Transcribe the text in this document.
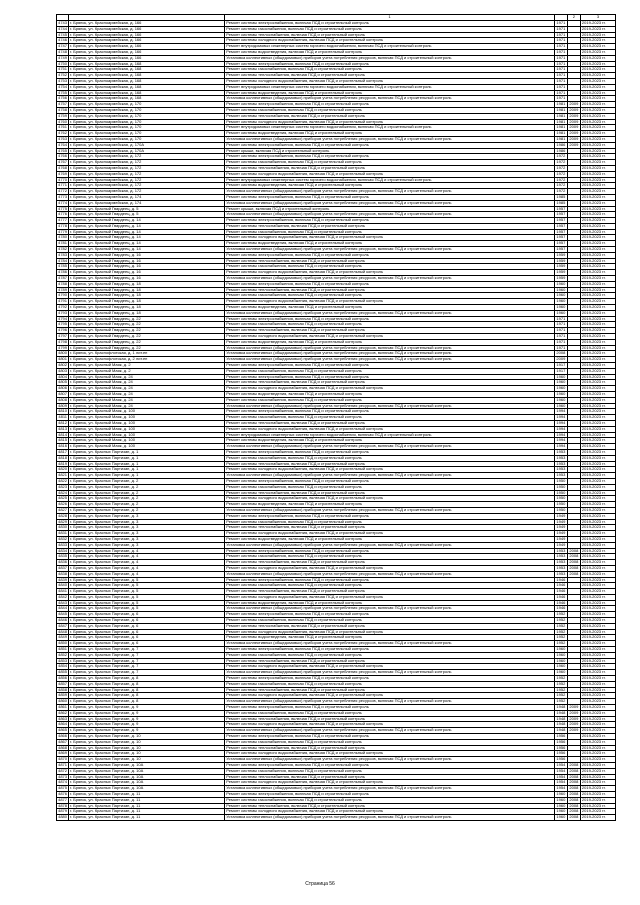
		1		2	3
4743	г. Брянск, ул. Красноармейская, д. 166	Ремонт системы электроснабжения, включая ПСД и строительный контроль	1971		2019-2023 гг.
4744	г. Брянск, ул. Красноармейская, д. 166	Ремонт системы газоснабжения, включая ПСД и строительный контроль	1971		2019-2023 гг.
4745	г. Брянск, ул. Красноармейская, д. 166	Ремонт системы теплоснабжения, включая ПСД и строительный контроль	1971		2019-2023 гг.
4746	г. Брянск, ул. Красноармейская, д. 166	Ремонт системы холодного водоснабжения, включая ПСД и строительный контроль	1971		2019-2023 гг.
4747	г. Брянск, ул. Красноармейская, д. 166	Ремонт внутридомовых инженерных систем горячего водоснабжения, включая ПСД и строительный контроль	1971		2019-2023 гг.
4748	г. Брянск, ул. Красноармейская, д. 166	Ремонт системы водоотведения, включая ПСД и строительный контроль	1971		2019-2023 гг.
4749	г. Брянск, ул. Красноармейская, д. 166	Установка коллективных (общедомовых) приборов учета потребления ресурсов, включая ПСД и строительный контроль	1971		2019-2023 гг.
4750	г. Брянск, ул. Красноармейская, д. 168	Ремонт системы электроснабжения, включая ПСД и строительный контроль	1971		2019-2023 гг.
4751	г. Брянск, ул. Красноармейская, д. 168	Ремонт системы газоснабжения, включая ПСД и строительный контроль	1971		2019-2023 гг.
4752	г. Брянск, ул. Красноармейская, д. 168	Ремонт системы теплоснабжения, включая ПСД и строительный контроль	1971		2019-2023 гг.
4753	г. Брянск, ул. Красноармейская, д. 168	Ремонт системы холодного водоснабжения, включая ПСД и строительный контроль	1971		2019-2023 гг.
4754	г. Брянск, ул. Красноармейская, д. 168	Ремонт внутридомовых инженерных систем горячего водоснабжения, включая ПСД и строительный контроль	1971		2019-2023 гг.
4755	г. Брянск, ул. Красноармейская, д. 168	Ремонт системы водоотведения, включая ПСД и строительный контроль	1971		2019-2023 гг.
4756	г. Брянск, ул. Красноармейская, д. 168	Установка коллективных (общедомовых) приборов учета потребления ресурсов, включая ПСД и строительный контроль	1971		2019-2023 гг.
4757	г. Брянск, ул. Красноармейская, д. 170	Ремонт системы электроснабжения, включая ПСД и строительный контроль	1981	2009	2019-2023 гг.
4758	г. Брянск, ул. Красноармейская, д. 170	Ремонт системы газоснабжения, включая ПСД и строительный контроль	1981	2009	2019-2023 гг.
4759	г. Брянск, ул. Красноармейская, д. 170	Ремонт системы теплоснабжения, включая ПСД и строительный контроль	1981	2009	2019-2023 гг.
4760	г. Брянск, ул. Красноармейская, д. 170	Ремонт системы холодного водоснабжения, включая ПСД и строительный контроль	1981	2009	2019-2023 гг.
4761	г. Брянск, ул. Красноармейская, д. 170	Ремонт внутридомовых инженерных систем горячего водоснабжения, включая ПСД и строительный контроль	1981	2009	2019-2023 гг.
4762	г. Брянск, ул. Красноармейская, д. 170	Ремонт системы водоотведения, включая ПСД и строительный контроль	1981	2009	2019-2023 гг.
4763	г. Брянск, ул. Красноармейская, д. 170	Установка коллективных (общедомовых) приборов учета потребления ресурсов, включая ПСД и строительный контроль	1981	2009	2019-2023 гг.
4764	г. Брянск, ул. Красноармейская, д. 170А	Ремонт системы электроснабжения, включая ПСД и строительный контроль	1986	2009	2019-2023 гг.
4765	г. Брянск, ул. Красноармейская, д. 170А	Ремонт крыши, включая ПСД и строительный контроль	1986		2019-2023 гг.
4766	г. Брянск, ул. Красноармейская, д. 172	Ремонт системы электроснабжения, включая ПСД и строительный контроль	1972		2019-2023 гг.
4767	г. Брянск, ул. Красноармейская, д. 172	Ремонт системы газоснабжения, включая ПСД и строительный контроль	1972		2019-2023 гг.
4768	г. Брянск, ул. Красноармейская, д. 172	Ремонт системы теплоснабжения, включая ПСД и строительный контроль	1972		2019-2023 гг.
4769	г. Брянск, ул. Красноармейская, д. 172	Ремонт системы холодного водоснабжения, включая ПСД и строительный контроль	1972		2019-2023 гг.
4770	г. Брянск, ул. Красноармейская, д. 172	Ремонт внутридомовых инженерных систем горячего водоснабжения, включая ПСД и строительный контроль	1972		2019-2023 гг.
4771	г. Брянск, ул. Красноармейская, д. 172	Ремонт системы водоотведения, включая ПСД и строительный контроль	1972		2019-2023 гг.
4772	г. Брянск, ул. Красноармейская, д. 172	Установка коллективных (общедомовых) приборов учета потребления ресурсов, включая ПСД и строительный контроль	1972		2019-2023 гг.
4773	г. Брянск, ул. Красноармейская, д. 174	Ремонт системы электроснабжения, включая ПСД и строительный контроль	1985		2019-2023 гг.
4774	г. Брянск, ул. Красноармейская, д. 174	Установка коллективных (общедомовых) приборов учета потребления ресурсов, включая ПСД и строительный контроль	1985		2019-2023 гг.
4775	г. Брянск, ул. Красный Гвардеец, д. 5	Ремонт крыши, включая ПСД и строительный контроль	1957		2019-2023 гг.
4776	г. Брянск, ул. Красный Гвардеец, д. 5	Установка коллективных (общедомовых) приборов учета потребления ресурсов, включая ПСД и строительный контроль	1957		2019-2023 гг.
4777	г. Брянск, ул. Красный Гвардеец, д. 14	Ремонт системы электроснабжения, включая ПСД и строительный контроль	1957		2019-2023 гг.
4778	г. Брянск, ул. Красный Гвардеец, д. 14	Ремонт системы теплоснабжения, включая ПСД и строительный контроль	1957		2019-2023 гг.
4779	г. Брянск, ул. Красный Гвардеец, д. 14	Ремонт системы газоснабжения, включая ПСД и строительный контроль	1957		2019-2023 гг.
4780	г. Брянск, ул. Красный Гвардеец, д. 14	Ремонт системы холодного водоснабжения, включая ПСД и строительный контроль	1957		2019-2023 гг.
4781	г. Брянск, ул. Красный Гвардеец, д. 14	Ремонт системы водоотведения, включая ПСД и строительный контроль	1957		2019-2023 гг.
4782	г. Брянск, ул. Красный Гвардеец, д. 14	Установка коллективных (общедомовых) приборов учета потребления ресурсов, включая ПСД и строительный контроль	1957		2019-2023 гг.
4783	г. Брянск, ул. Красный Гвардеец, д. 16	Ремонт системы электроснабжения, включая ПСД и строительный контроль	1959		2019-2023 гг.
4784	г. Брянск, ул. Красный Гвардеец, д. 16	Ремонт системы теплоснабжения, включая ПСД и строительный контроль	1959		2019-2023 гг.
4785	г. Брянск, ул. Красный Гвардеец, д. 16	Ремонт системы газоснабжения, включая ПСД и строительный контроль	1959		2019-2023 гг.
4786	г. Брянск, ул. Красный Гвардеец, д. 16	Ремонт системы холодного водоснабжения, включая ПСД и строительный контроль	1959		2019-2023 гг.
4787	г. Брянск, ул. Красный Гвардеец, д. 16	Установка коллективных (общедомовых) приборов учета потребления ресурсов, включая ПСД и строительный контроль	1959		2019-2023 гг.
4788	г. Брянск, ул. Красный Гвардеец, д. 18	Ремонт системы электроснабжения, включая ПСД и строительный контроль	1960		2019-2023 гг.
4789	г. Брянск, ул. Красный Гвардеец, д. 18	Ремонт системы теплоснабжения, включая ПСД и строительный контроль	1960		2019-2023 гг.
4790	г. Брянск, ул. Красный Гвардеец, д. 18	Ремонт системы газоснабжения, включая ПСД и строительный контроль	1960		2019-2023 гг.
4791	г. Брянск, ул. Красный Гвардеец, д. 18	Ремонт системы холодного водоснабжения, включая ПСД и строительный контроль	1960		2019-2023 гг.
4792	г. Брянск, ул. Красный Гвардеец, д. 18	Ремонт системы водоотведения, включая ПСД и строительный контроль	1960		2019-2023 гг.
4793	г. Брянск, ул. Красный Гвардеец, д. 18	Установка коллективных (общедомовых) приборов учета потребления ресурсов, включая ПСД и строительный контроль	1960		2019-2023 гг.
4794	г. Брянск, ул. Красный Гвардеец, д. 22	Ремонт системы электроснабжения, включая ПСД и строительный контроль	1971		2019-2023 гг.
4795	г. Брянск, ул. Красный Гвардеец, д. 22	Ремонт системы газоснабжения, включая ПСД и строительный контроль	1971		2019-2023 гг.
4796	г. Брянск, ул. Красный Гвардеец, д. 22	Ремонт системы теплоснабжения, включая ПСД и строительный контроль	1971		2019-2023 гг.
4797	г. Брянск, ул. Красный Гвардеец, д. 22	Ремонт системы холодного водоснабжения, включая ПСД и строительный контроль	1971		2019-2023 гг.
4798	г. Брянск, ул. Красный Гвардеец, д. 22	Ремонт системы водоотведения, включая ПСД и строительный контроль	1971		2019-2023 гг.
4799	г. Брянск, ул. Красный Гвардеец, д. 22	Установка коллективных (общедомовых) приборов учета потребления ресурсов, включая ПСД и строительный контроль	1971		2019-2023 гг.
4800	г. Брянск, ул. Краснофлотская, д. 1 лит.ен	Установка коллективных (общедомовых) приборов учета потребления ресурсов, включая ПСД и строительный контроль	2008		2019-2023 гг.
4801	г. Брянск, ул. Краснофлотская, д. 2 лит.ен	Установка коллективных (общедомовых) приборов учета потребления ресурсов, включая ПСД и строительный контроль	2009		2019-2023 гг.
4802	г. Брянск, ул. Красный Маяк, д. 2	Ремонт системы электроснабжения, включая ПСД и строительный контроль	1917		2019-2023 гг.
4803	г. Брянск, ул. Красный Маяк, д. 2	Ремонт системы газоснабжения, включая ПСД и строительный контроль	1917		2019-2023 гг.
4804	г. Брянск, ул. Красный Маяк, д. 24	Ремонт системы электроснабжения, включая ПСД и строительный контроль	1960		2019-2023 гг.
4805	г. Брянск, ул. Красный Маяк, д. 24	Ремонт системы теплоснабжения, включая ПСД и строительный контроль	1960		2019-2023 гг.
4806	г. Брянск, ул. Красный Маяк, д. 24	Ремонт системы холодного водоснабжения, включая ПСД и строительный контроль	1960		2019-2023 гг.
4807	г. Брянск, ул. Красный Маяк, д. 24	Ремонт системы водоотведения, включая ПСД и строительный контроль	1960		2019-2023 гг.
4808	г. Брянск, ул. Красный Маяк, д. 24	Ремонт системы газоснабжения, включая ПСД и строительный контроль	1960		2019-2023 гг.
4809	г. Брянск, ул. Красный Маяк, д. 24	Установка коллективных (общедомовых) приборов учета потребления ресурсов, включая ПСД и строительный контроль	1960		2019-2023 гг.
4810	г. Брянск, ул. Красный Маяк, д. 100	Ремонт системы электроснабжения, включая ПСД и строительный контроль	1994		2019-2023 гг.
4811	г. Брянск, ул. Красный Маяк, д. 100	Ремонт системы газоснабжения, включая ПСД и строительный контроль	1994		2019-2023 гг.
4812	г. Брянск, ул. Красный Маяк, д. 100	Ремонт системы теплоснабжения, включая ПСД и строительный контроль	1994		2019-2023 гг.
4813	г. Брянск, ул. Красный Маяк, д. 100	Ремонт системы холодного водоснабжения, включая ПСД и строительный контроль	1994		2019-2023 гг.
4814	г. Брянск, ул. Красный Маяк, д. 100	Ремонт внутридомовых инженерных систем горячего водоснабжения, включая ПСД и строительный контроль	1994		2019-2023 гг.
4815	г. Брянск, ул. Красный Маяк, д. 100	Ремонт системы водоотведения, включая ПСД и строительный контроль	1994		2019-2023 гг.
4816	г. Брянск, ул. Красный Маяк, д. 100	Установка коллективных (общедомовых) приборов учета потребления ресурсов, включая ПСД и строительный контроль	1994		2019-2023 гг.
4817	г. Брянск, ул. Красных Партизан, д. 1	Ремонт системы электроснабжения, включая ПСД и строительный контроль	1953		2019-2023 гг.
4818	г. Брянск, ул. Красных Партизан, д. 1	Ремонт системы газоснабжения, включая ПСД и строительный контроль	1953		2019-2023 гг.
4819	г. Брянск, ул. Красных Партизан, д. 1	Ремонт системы теплоснабжения, включая ПСД и строительный контроль	1953		2019-2023 гг.
4820	г. Брянск, ул. Красных Партизан, д. 1	Ремонт системы холодного водоснабжения, включая ПСД и строительный контроль	1953		2019-2023 гг.
4821	г. Брянск, ул. Красных Партизан, д. 1	Установка коллективных (общедомовых) приборов учета потребления ресурсов, включая ПСД и строительный контроль	1953		2019-2023 гг.
4822	г. Брянск, ул. Красных Партизан, д. 2	Ремонт системы электроснабжения, включая ПСД и строительный контроль	1950		2019-2023 гг.
4823	г. Брянск, ул. Красных Партизан, д. 2	Ремонт системы газоснабжения, включая ПСД и строительный контроль	1950		2019-2023 гг.
4824	г. Брянск, ул. Красных Партизан, д. 2	Ремонт системы теплоснабжения, включая ПСД и строительный контроль	1950		2019-2023 гг.
4825	г. Брянск, ул. Красных Партизан, д. 2	Ремонт системы холодного водоснабжения, включая ПСД и строительный контроль	1950		2019-2023 гг.
4826	г. Брянск, ул. Красных Партизан, д. 2	Ремонт системы водоотведения, включая ПСД и строительный контроль	1950		2019-2023 гг.
4827	г. Брянск, ул. Красных Партизан, д. 2	Установка коллективных (общедомовых) приборов учета потребления ресурсов, включая ПСД и строительный контроль	1950		2019-2023 гг.
4828	г. Брянск, ул. Красных Партизан, д. 3	Ремонт системы электроснабжения, включая ПСД и строительный контроль	1949		2019-2023 гг.
4829	г. Брянск, ул. Красных Партизан, д. 3	Ремонт системы газоснабжения, включая ПСД и строительный контроль	1949		2019-2023 гг.
4830	г. Брянск, ул. Красных Партизан, д. 3	Ремонт системы теплоснабжения, включая ПСД и строительный контроль	1949		2019-2023 гг.
4831	г. Брянск, ул. Красных Партизан, д. 3	Ремонт системы холодного водоснабжения, включая ПСД и строительный контроль	1949		2019-2023 гг.
4832	г. Брянск, ул. Красных Партизан, д. 3	Ремонт системы водоотведения, включая ПСД и строительный контроль	1949		2019-2023 гг.
4833	г. Брянск, ул. Красных Партизан, д. 3	Установка коллективных (общедомовых) приборов учета потребления ресурсов, включая ПСД и строительный контроль	1949		2019-2023 гг.
4834	г. Брянск, ул. Красных Партизан, д. 4	Ремонт системы электроснабжения, включая ПСД и строительный контроль	1953	2008	2019-2023 гг.
4835	г. Брянск, ул. Красных Партизан, д. 4	Ремонт системы газоснабжения, включая ПСД и строительный контроль	1953	2008	2019-2023 гг.
4836	г. Брянск, ул. Красных Партизан, д. 4	Ремонт системы теплоснабжения, включая ПСД и строительный контроль	1953	2008	2019-2023 гг.
4837	г. Брянск, ул. Красных Партизан, д. 4	Ремонт системы холодного водоснабжения, включая ПСД и строительный контроль	1953	2008	2019-2023 гг.
4838	г. Брянск, ул. Красных Партизан, д. 4	Установка коллективных (общедомовых) приборов учета потребления ресурсов, включая ПСД и строительный контроль	1953	2008	2019-2023 гг.
4839	г. Брянск, ул. Красных Партизан, д. 5	Ремонт системы электроснабжения, включая ПСД и строительный контроль	1946		2019-2023 гг.
4840	г. Брянск, ул. Красных Партизан, д. 5	Ремонт системы газоснабжения, включая ПСД и строительный контроль	1946		2019-2023 гг.
4841	г. Брянск, ул. Красных Партизан, д. 5	Ремонт системы теплоснабжения, включая ПСД и строительный контроль	1946		2019-2023 гг.
4842	г. Брянск, ул. Красных Партизан, д. 5	Ремонт системы холодного водоснабжения, включая ПСД и строительный контроль	1946		2019-2023 гг.
4843	г. Брянск, ул. Красных Партизан, д. 5	Ремонт системы водоотведения, включая ПСД и строительный контроль	1946		2019-2023 гг.
4844	г. Брянск, ул. Красных Партизан, д. 5	Установка коллективных (общедомовых) приборов учета потребления ресурсов, включая ПСД и строительный контроль	1946		2019-2023 гг.
4845	г. Брянск, ул. Красных Партизан, д. 6	Ремонт системы электроснабжения, включая ПСД и строительный контроль	1952		2019-2023 гг.
4846	г. Брянск, ул. Красных Партизан, д. 6	Ремонт системы газоснабжения, включая ПСД и строительный контроль	1952		2019-2023 гг.
4847	г. Брянск, ул. Красных Партизан, д. 6	Ремонт системы теплоснабжения, включая ПСД и строительный контроль	1952		2019-2023 гг.
4848	г. Брянск, ул. Красных Партизан, д. 6	Ремонт системы холодного водоснабжения, включая ПСД и строительный контроль	1952		2019-2023 гг.
4849	г. Брянск, ул. Красных Партизан, д. 6	Ремонт системы водоотведения, включая ПСД и строительный контроль	1952		2019-2023 гг.
4850	г. Брянск, ул. Красных Партизан, д. 6	Установка коллективных (общедомовых) приборов учета потребления ресурсов, включая ПСД и строительный контроль	1952		2019-2023 гг.
4851	г. Брянск, ул. Красных Партизан, д. 7	Ремонт системы электроснабжения, включая ПСД и строительный контроль	1960		2019-2023 гг.
4852	г. Брянск, ул. Красных Партизан, д. 7	Ремонт системы газоснабжения, включая ПСД и строительный контроль	1960		2019-2023 гг.
4853	г. Брянск, ул. Красных Партизан, д. 7	Ремонт системы теплоснабжения, включая ПСД и строительный контроль	1960		2019-2023 гг.
4854	г. Брянск, ул. Красных Партизан, д. 7	Ремонт системы холодного водоснабжения, включая ПСД и строительный контроль	1960		2019-2023 гг.
4855	г. Брянск, ул. Красных Партизан, д. 7	Установка коллективных (общедомовых) приборов учета потребления ресурсов, включая ПСД и строительный контроль	1960		2019-2023 гг.
4856	г. Брянск, ул. Красных Партизан, д. 8	Ремонт системы электроснабжения, включая ПСД и строительный контроль	1952		2019-2023 гг.
4857	г. Брянск, ул. Красных Партизан, д. 8	Ремонт системы газоснабжения, включая ПСД и строительный контроль	1952		2019-2023 гг.
4858	г. Брянск, ул. Красных Партизан, д. 8	Ремонт системы теплоснабжения, включая ПСД и строительный контроль	1952		2019-2023 гг.
4859	г. Брянск, ул. Красных Партизан, д. 8	Ремонт системы холодного водоснабжения, включая ПСД и строительный контроль	1952		2019-2023 гг.
4860	г. Брянск, ул. Красных Партизан, д. 8	Установка коллективных (общедомовых) приборов учета потребления ресурсов, включая ПСД и строительный контроль	1952		2019-2023 гг.
4861	г. Брянск, ул. Красных Партизан, д. 9	Ремонт системы электроснабжения, включая ПСД и строительный контроль	1948	2009	2019-2023 гг.
4862	г. Брянск, ул. Красных Партизан, д. 9	Ремонт системы газоснабжения, включая ПСД и строительный контроль	1948	2009	2019-2023 гг.
4863	г. Брянск, ул. Красных Партизан, д. 9	Ремонт системы теплоснабжения, включая ПСД и строительный контроль	1948	2009	2019-2023 гг.
4864	г. Брянск, ул. Красных Партизан, д. 9	Ремонт системы холодного водоснабжения, включая ПСД и строительный контроль	1948	2009	2019-2023 гг.
4865	г. Брянск, ул. Красных Партизан, д. 9	Установка коллективных (общедомовых) приборов учета потребления ресурсов, включая ПСД и строительный контроль	1948	2009	2019-2023 гг.
4866	г. Брянск, ул. Красных Партизан, д. 10	Ремонт системы электроснабжения, включая ПСД и строительный контроль	1956		2019-2023 гг.
4867	г. Брянск, ул. Красных Партизан, д. 10	Ремонт системы газоснабжения, включая ПСД и строительный контроль	1956		2019-2023 гг.
4868	г. Брянск, ул. Красных Партизан, д. 10	Ремонт системы теплоснабжения, включая ПСД и строительный контроль	1956		2019-2023 гг.
4869	г. Брянск, ул. Красных Партизан, д. 10	Ремонт системы холодного водоснабжения, включая ПСД и строительный контроль	1956		2019-2023 гг.
4870	г. Брянск, ул. Красных Партизан, д. 10	Установка коллективных (общедомовых) приборов учета потребления ресурсов, включая ПСД и строительный контроль	1956		2019-2023 гг.
4871	г. Брянск, ул. Красных Партизан, д. 10А	Ремонт системы электроснабжения, включая ПСД и строительный контроль	1954	2008	2019-2023 гг.
4872	г. Брянск, ул. Красных Партизан, д. 10А	Ремонт системы газоснабжения, включая ПСД и строительный контроль	1954	2008	2019-2023 гг.
4873	г. Брянск, ул. Красных Партизан, д. 10А	Ремонт системы теплоснабжения, включая ПСД и строительный контроль	1954	2008	2019-2023 гг.
4874	г. Брянск, ул. Красных Партизан, д. 10А	Ремонт системы холодного водоснабжения, включая ПСД и строительный контроль	1954	2008	2019-2023 гг.
4875	г. Брянск, ул. Красных Партизан, д. 10А	Установка коллективных (общедомовых) приборов учета потребления ресурсов, включая ПСД и строительный контроль	1954	2008	2019-2023 гг.
4876	г. Брянск, ул. Красных Партизан, д. 11	Ремонт системы электроснабжения, включая ПСД и строительный контроль	1960	2008	2019-2023 гг.
4877	г. Брянск, ул. Красных Партизан, д. 11	Ремонт системы газоснабжения, включая ПСД и строительный контроль	1960	2008	2019-2023 гг.
4878	г. Брянск, ул. Красных Партизан, д. 11	Ремонт системы теплоснабжения, включая ПСД и строительный контроль	1960	2008	2019-2023 гг.
4879	г. Брянск, ул. Красных Партизан, д. 11	Ремонт системы холодного водоснабжения, включая ПСД и строительный контроль	1960	2008	2019-2023 гг.
4880	г. Брянск, ул. Красных Партизан, д. 11	Установка коллективных (общедомовых) приборов учета потребления ресурсов, включая ПСД и строительный контроль	1960	2008	2019-2023 гг.
Страница 56
